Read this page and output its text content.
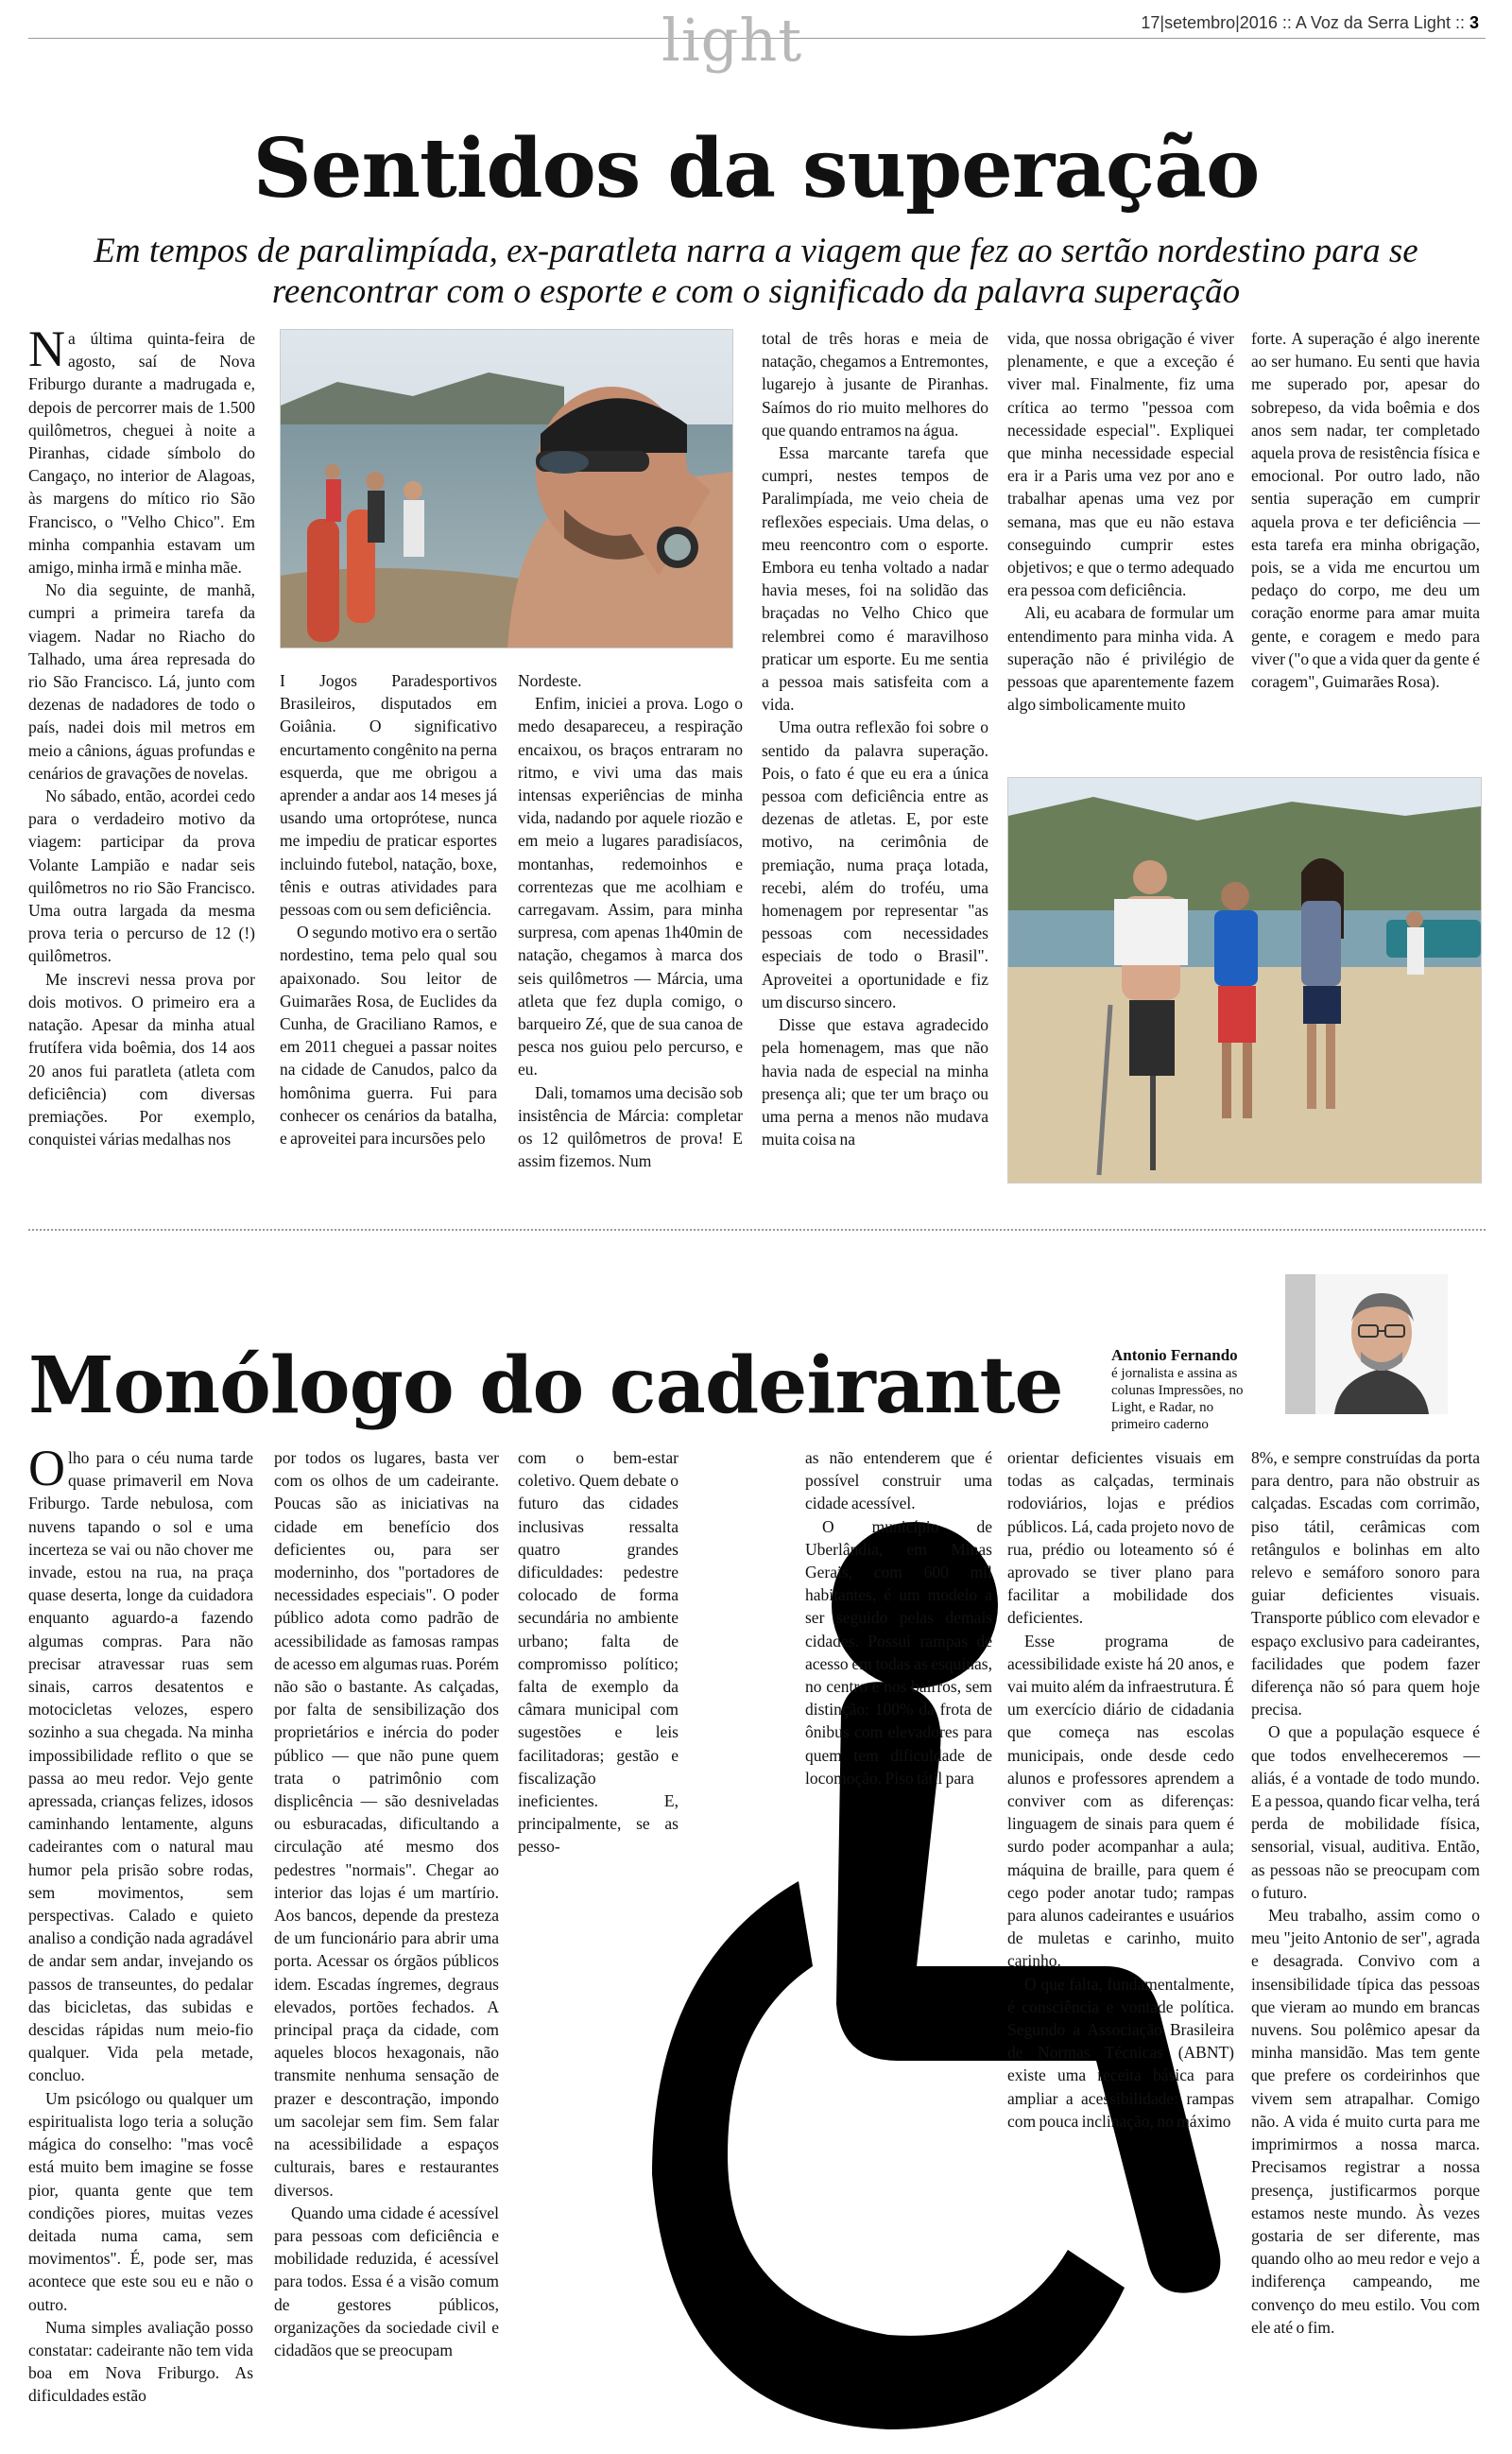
light	17|setembro|2016 :: A Voz da Serra Light :: 3
Sentidos da superação
Em tempos de paralimpíada, ex-paratleta narra a viagem que fez ao sertão nordestino para se reencontrar com o esporte e com o significado da palavra superação

Na última quinta-feira de agosto, saí de Nova Friburgo durante a madrugada e, depois de percorrer mais de 1.500 quilômetros, cheguei à noite a Piranhas, cidade símbolo do Cangaço, no interior de Alagoas, às margens do mítico rio São Francisco, o "Velho Chico". Em minha companhia estavam um amigo, minha irmã e minha mãe.

No dia seguinte, de manhã, cumpri a primeira tarefa da viagem. Nadar no Riacho do Talhado, uma área represada do rio São Francisco. Lá, junto com dezenas de nadadores de todo o país, nadei dois mil metros em meio a cânions, águas profundas e cenários de gravações de novelas.

No sábado, então, acordei cedo para o verdadeiro motivo da viagem: participar da prova Volante Lampião e nadar seis quilômetros no rio São Francisco. Uma outra largada da mesma prova teria o percurso de 12 (!) quilômetros.

Me inscrevi nessa prova por dois motivos. O primeiro era a natação. Apesar da minha atual frutífera vida boêmia, dos 14 aos 20 anos fui paratleta (atleta com deficiência) com diversas premiações. Por exemplo, conquistei várias medalhas nos

I Jogos Paradesportivos Brasileiros, disputados em Goiânia. O significativo encurtamento congênito na perna esquerda, que me obrigou a aprender a andar aos 14 meses já usando uma ortoprótese, nunca me impediu de praticar esportes incluindo futebol, natação, boxe, tênis e outras atividades para pessoas com ou sem deficiência.

O segundo motivo era o sertão nordestino, tema pelo qual sou apaixonado. Sou leitor de Guimarães Rosa, de Euclides da Cunha, de Graciliano Ramos, e em 2011 cheguei a passar noites na cidade de Canudos, palco da homônima guerra. Fui para conhecer os cenários da batalha, e aproveitei para incursões pelo

Nordeste.

Enfim, iniciei a prova. Logo o medo desapareceu, a respiração encaixou, os braços entraram no ritmo, e vivi uma das mais intensas experiências de minha vida, nadando por aquele riozão e em meio a lugares paradisíacos, montanhas, redemoinhos e correntezas que me acolhiam e carregavam. Assim, para minha surpresa, com apenas 1h40min de natação, chegamos à marca dos seis quilômetros — Márcia, uma atleta que fez dupla comigo, o barqueiro Zé, que de sua canoa de pesca nos guiou pelo percurso, e eu.

Dali, tomamos uma decisão sob insistência de Márcia: completar os 12 quilômetros de prova! E assim fizemos. Num

total de três horas e meia de natação, chegamos a Entremontes, lugarejo à jusante de Piranhas. Saímos do rio muito melhores do que quando entramos na água.

Essa marcante tarefa que cumpri, nestes tempos de Paralimpíada, me veio cheia de reflexões especiais. Uma delas, o meu reencontro com o esporte. Embora eu tenha voltado a nadar havia meses, foi na solidão das braçadas no Velho Chico que relembrei como é maravilhoso praticar um esporte. Eu me sentia a pessoa mais satisfeita com a vida.

Uma outra reflexão foi sobre o sentido da palavra superação. Pois, o fato é que eu era a única pessoa com deficiência entre as dezenas de atletas. E, por este motivo, na cerimônia de premiação, numa praça lotada, recebi, além do troféu, uma homenagem por representar "as pessoas com necessidades especiais de todo o Brasil". Aproveitei a oportunidade e fiz um discurso sincero.

Disse que estava agradecido pela homenagem, mas que não havia nada de especial na minha presença ali; que ter um braço ou uma perna a menos não mudava muita coisa na

vida, que nossa obrigação é viver plenamente, e que a exceção é viver mal. Finalmente, fiz uma crítica ao termo "pessoa com necessidade especial". Expliquei que minha necessidade especial era ir a Paris uma vez por ano e trabalhar apenas uma vez por semana, mas que eu não estava conseguindo cumprir estes objetivos; e que o termo adequado era pessoa com deficiência.

Ali, eu acabara de formular um entendimento para minha vida. A superação não é privilégio de pessoas que aparentemente fazem algo simbolicamente muito

forte. A superação é algo inerente ao ser humano. Eu senti que havia me superado por, apesar do sobrepeso, da vida boêmia e dos anos sem nadar, ter completado aquela prova de resistência física e emocional. Por outro lado, não sentia superação em cumprir aquela prova e ter deficiência — esta tarefa era minha obrigação, pois, se a vida me encurtou um pedaço do corpo, me deu um coração enorme para amar muita gente, e coragem e medo para viver ("o que a vida quer da gente é coragem", Guimarães Rosa).

Monólogo do cadeirante	Antonio Fernando
é jornalista e assina as colunas Impressões, no Light, e Radar, no primeiro caderno

Olho para o céu numa tarde quase primaveril em Nova Friburgo. Tarde nebulosa, com nuvens tapando o sol e uma incerteza se vai ou não chover me invade, estou na rua, na praça quase deserta, longe da cuidadora enquanto aguardo-a fazendo algumas compras. Para não precisar atravessar ruas sem sinais, carros desatentos e motocicletas velozes, espero sozinho a sua chegada. Na minha impossibilidade reflito o que se passa ao meu redor. Vejo gente apressada, crianças felizes, idosos caminhando lentamente, alguns cadeirantes com o natural mau humor pela prisão sobre rodas, sem movimentos, sem perspectivas. Calado e quieto analiso a condição nada agradável de andar sem andar, invejando os passos de transeuntes, do pedalar das bicicletas, das subidas e descidas rápidas num meio-fio qualquer. Vida pela metade, concluo.

Um psicólogo ou qualquer um espiritualista logo teria a solução mágica do conselho: "mas você está muito bem imagine se fosse pior, quanta gente que tem condições piores, muitas vezes deitada numa cama, sem movimentos". É, pode ser, mas acontece que este sou eu e não o outro.

Numa simples avaliação posso constatar: cadeirante não tem vida boa em Nova Friburgo. As dificuldades estão

por todos os lugares, basta ver com os olhos de um cadeirante. Poucas são as iniciativas na cidade em benefício dos deficientes ou, para ser moderninho, dos "portadores de necessidades especiais". O poder público adota como padrão de acessibilidade as famosas rampas de acesso em algumas ruas. Porém não são o bastante. As calçadas, por falta de sensibilização dos proprietários e inércia do poder público — que não pune quem trata o patrimônio com displicência — são desniveladas ou esburacadas, dificultando a circulação até mesmo dos pedestres "normais". Chegar ao interior das lojas é um martírio. Aos bancos, depende da presteza de um funcionário para abrir uma porta. Acessar os órgãos públicos idem. Escadas íngremes, degraus elevados, portões fechados. A principal praça da cidade, com aqueles blocos hexagonais, não transmite nenhuma sensação de prazer e descontração, impondo um sacolejar sem fim. Sem falar na acessibilidade a espaços culturais, bares e restaurantes diversos.

Quando uma cidade é acessível para pessoas com deficiência e mobilidade reduzida, é acessível para todos. Essa é a visão comum de gestores públicos, organizações da sociedade civil e cidadãos que se preocupam

com o bem-estar coletivo. Quem debate o futuro das cidades inclusivas ressalta quatro grandes dificuldades: pedestre colocado de forma secundária no ambiente urbano; falta de compromisso político; falta de exemplo da câmara municipal com sugestões e leis facilitadoras; gestão e fiscalização ineficientes. E, principalmente, se as pesso-

as não entenderem que é possível construir uma cidade acessível.

O município de Uberlândia, em Minas Gerais, com 600 mil habitantes, é um modelo a ser seguido pelas demais cidades. Possui rampas de acesso em todas as esquinas, no centro e nos bairros, sem distinção: 100% da frota de ônibus com elevadores para quem tem dificuldade de locomoção. Piso tátil para

orientar deficientes visuais em todas as calçadas, terminais rodoviários, lojas e prédios públicos. Lá, cada projeto novo de rua, prédio ou loteamento só é aprovado se tiver plano para facilitar a mobilidade dos deficientes.

Esse programa de acessibilidade existe há 20 anos, e vai muito além da infraestrutura. É um exercício diário de cidadania que começa nas escolas municipais, onde desde cedo alunos e professores aprendem a conviver com as diferenças: linguagem de sinais para quem é surdo poder acompanhar a aula; máquina de braille, para quem é cego poder anotar tudo; rampas para alunos cadeirantes e usuários de muletas e carinho, muito carinho.

O que falta, fundamentalmente, é consciência e vontade política. Segundo a Associação Brasileira de Normas Técnicas (ABNT) existe uma receita básica para ampliar a acessibilidade: rampas com pouca inclinação, no máximo

8%, e sempre construídas da porta para dentro, para não obstruir as calçadas. Escadas com corrimão, piso tátil, cerâmicas com retângulos e bolinhas em alto relevo e semáforo sonoro para guiar deficientes visuais. Transporte público com elevador e espaço exclusivo para cadeirantes, facilidades que podem fazer diferença não só para quem hoje precisa.

O que a população esquece é que todos envelheceremos — aliás, é a vontade de todo mundo. E a pessoa, quando ficar velha, terá perda de mobilidade física, sensorial, visual, auditiva. Então, as pessoas não se preocupam com o futuro.

Meu trabalho, assim como o meu "jeito Antonio de ser", agrada e desagrada. Convivo com a insensibilidade típica das pessoas que vieram ao mundo em brancas nuvens. Sou polêmico apesar da minha mansidão. Mas tem gente que prefere os cordeirinhos que vivem sem atrapalhar. Comigo não. A vida é muito curta para me imprimirmos a nossa marca. Precisamos registrar a nossa presença, justificarmos porque estamos neste mundo. Às vezes gostaria de ser diferente, mas quando olho ao meu redor e vejo a indiferença campeando, me convenço do meu estilo. Vou com ele até o fim.
